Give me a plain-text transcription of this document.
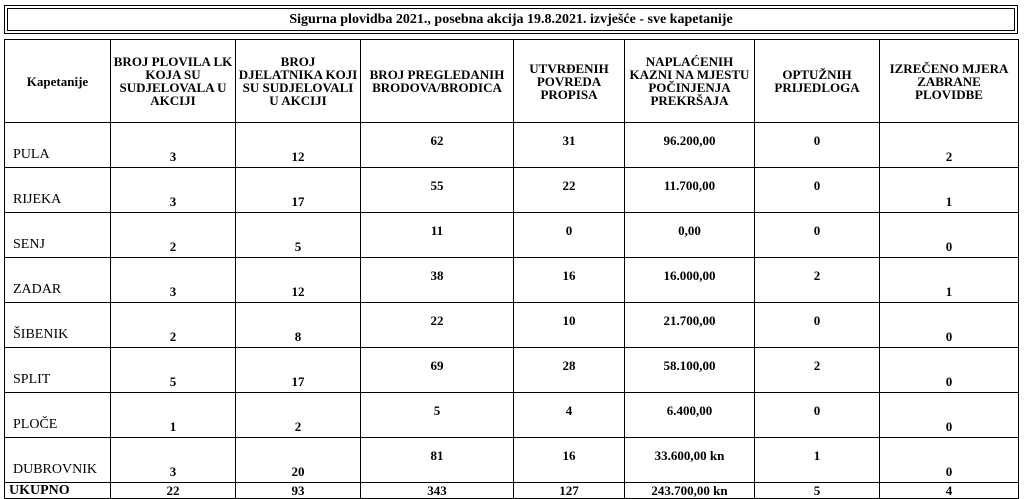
Sigurna plovidba 2021., posebna akcija 19.8.2021. izvješće - sve kapetanije
Kapetanije	BROJ PLOVILA LK KOJA SU SUDJELOVALA U AKCIJI	BROJ DJELATNIKA KOJI SU SUDJELOVALI U AKCIJI	BROJ PREGLEDANIH BRODOVA/BRODICA	UTVRĐENIH POVREDA PROPISA	NAPLAĆENIH KAZNI NA MJESTU POČINJENJA PREKRŠAJA	OPTUŽNIH PRIJEDLOGA	IZREČENO MJERA ZABRANE PLOVIDBE
PULA	3	12	62	31	96.200,00	0	2
RIJEKA	3	17	55	22	11.700,00	0	1
SENJ	2	5	11	0	0,00	0	0
ZADAR	3	12	38	16	16.000,00	2	1
ŠIBENIK	2	8	22	10	21.700,00	0	0
SPLIT	5	17	69	28	58.100,00	2	0
PLOČE	1	2	5	4	6.400,00	0	0
DUBROVNIK	3	20	81	16	33.600,00 kn	1	0
UKUPNO	22	93	343	127	243.700,00 kn	5	4
